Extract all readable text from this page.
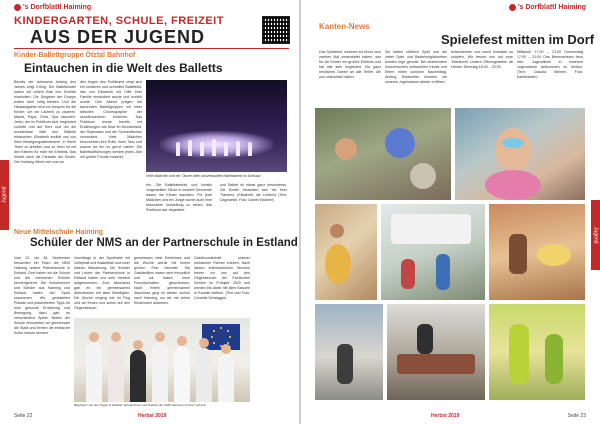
Jugend
's Dorfblattl Haiming
KINDERGARTEN, SCHULE, FREIZEIT
AUS DER JUGEND
Kinder-Ballettgruppe Ötztal Bahnhof
Eintauchen in die Welt des Balletts

Bereits der schwache Anfang des Jahres zeigt Erfolg: Die Ballettkinder haben mit vollem Elan ihre Schritte einstudiert. Die Jüngsten der Gruppe wollen nicht ruhig bleiben. Und die Hausaufgaben sind ein Ansporn für die Kinder, um ein Lächeln zu zaubern. Mama, Papa, Oma, Opa staunten. Jeder, der im Publikum sitzt, begeistert zuhörte und auf Herz und um die wunderbare Welt des Balletts eintauchen. Elisabeth erzählt uns von ihren Bewegungsabenteuern. In Ihrem Team zu arbeiten und zu üben ist mit den Kleinen für mich ein Erlebnis. Das fördert auch die Fantasie der Kinder. Der Vorhang öffnet sich und vor

den Augen des Publikums zeigt sich ein kreatives und schnelles Ballettbild, das von Elisabeth mit Hilfe ihrer Familie einstudiert wurde und erzählt wurde. Den Abend prägen die tanzenden Ballettgruppen mit einer stilvollen Choreographie der wunderschönen Kostüme. Das Publikum wurde bereits mit Erzählungen wie Alice im Wunderland, der Rosentanz und die Schneeflocken verzaubert. Viele Mädchen beschreiben ihre Rolle, ihren Tanz und warum sie ihn so gerne haben. Die Ballettaufführungen werden jedes Jahr mit großer Freude erwartet.

Viele Mädchen und ein Tänzer beim ausverkauften Ballettabend im Dorfsaal

ein. Die Ballettabende und kreativ vorgestellten Tänze in unserer Gemeinde lassen die Kinder wachsen. Für jede Mädchen und ein Junge wurde auch eine besondere Vorstellung zu sehen, das Publikum war begeistert.

und Ballett ist etwas ganz besonderes. Die Kinder bedanken sich bei ihrer Trainerin. (Elisabeth, die Leiterin) (Text: Dagmarlini; Foto: Daniel Waldner)

Neue Mittelschule Haiming
Schüler der NMS an der Partnerschule in Estland

Vom 22. bis 28. September besuchten ein Team der NMS Haiming unsere Partnerschule in Estland. Dort haben wir die Schule und die estnischen Schüler kennengelernt. Die Schülerinnen und Schüler aus Haiming und Estland hatten viel Spaß zusammen. Wir gestalteten Plakate und präsentierten Tipps für eine gesunde Ernährung und Bewegung, dazu gab es verschiedene Spiele. Neben der Schule erkundeten wir gemeinsam die Stadt und lernten die estnische Kultur besser kennen.

Vormittags in der Sporthalle mit Volleyball und Basketball und einer kleinen Wanderung. Die Schüler und Lehrer der Partnerschule in Estland haben uns sehr herzlich aufgenommen. Zum Abschluss gab es ein gemeinsames Abendessen mit allen Beteiligten. Die Woche verging wie im Flug und wir freuen uns schon auf den Gegenbesuch.

gemeinsam viele Erlebnisse und die Woche wurde mit einem großen Fest beendet. Die Gastfamilien waren sehr freundlich und wir haben neue Freundschaften geschlossen. Nach einem gemeinsamen Abschluss ging es wieder zurück nach Haiming, wo wir mit vielen Eindrücken ankamen.

Gastfreundschaft unserer estnischen Partner erleben. Nach diesen erlebnisreichen Wochen freuen wir uns auf den Gegenbesuch der Estnischen Schüler im Frühjahr 2020 und werden bis dahin mit allen Klassen in Kontakt bleiben. (Text und Foto: Cornelia Schwigger)

Begeistert von den Tagen in Estland: Schülerinnen und Schüler der NMS Haiming mit ihrer Lehrerin
Seite 22	Herbst 2019
Jugend
's Dorfblattl Haiming
Kanten-News
Spielefest mitten im Dorf

Das Spielefest, welches wir heuer zum zweiten Mal veranstaltet haben, war für die Kinder ein großes Erlebnis und hat alle sehr begeistert. Ein ganz herzliches Danke an alle Helfer, die uns unterstützt haben.

Sie hatten sichtlich Spaß und die vielen Spiel- und Bastelmöglichkeiten wurden rege genutzt. Bei strahlendem Sonnenschein verbrachten Kinder und Eltern einen schönen Nachmittag. Anfang September konnten wir unseren Jugendraum wieder eröffnen.

teilzunehmen und somit Kontakte zu knüpfen. Wir freuen uns auf eure Teilnahme! Unsere Öffnungszeiten ab Herbst: Dienstag 18:00 – 20:00

Mittwoch 17:00 – 21:00 Donnerstag 17:00 – 21:00 Das Betreuerteam freut sich, Jugendliche in unserem Jugendraum willkommen zu heißen. (Text: Claudia Melnes; Foto: Kantenteam)

Herbst 2019	Seite 23
